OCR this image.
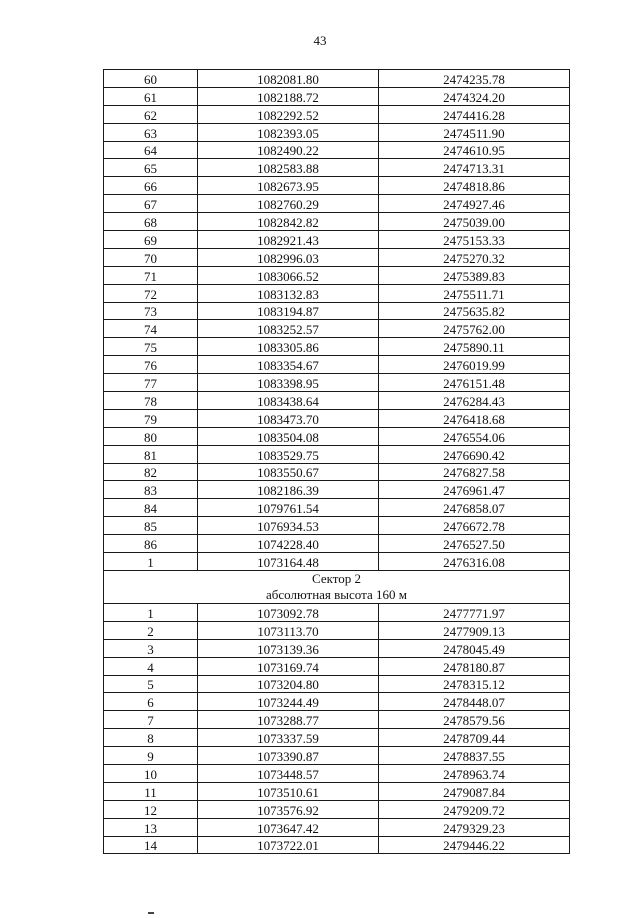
43
60	1082081.80	2474235.78
61	1082188.72	2474324.20
62	1082292.52	2474416.28
63	1082393.05	2474511.90
64	1082490.22	2474610.95
65	1082583.88	2474713.31
66	1082673.95	2474818.86
67	1082760.29	2474927.46
68	1082842.82	2475039.00
69	1082921.43	2475153.33
70	1082996.03	2475270.32
71	1083066.52	2475389.83
72	1083132.83	2475511.71
73	1083194.87	2475635.82
74	1083252.57	2475762.00
75	1083305.86	2475890.11
76	1083354.67	2476019.99
77	1083398.95	2476151.48
78	1083438.64	2476284.43
79	1083473.70	2476418.68
80	1083504.08	2476554.06
81	1083529.75	2476690.42
82	1083550.67	2476827.58
83	1082186.39	2476961.47
84	1079761.54	2476858.07
85	1076934.53	2476672.78
86	1074228.40	2476527.50
1	1073164.48	2476316.08

Сектор 2
абсолютная высота 160 м		

1	1073092.78	2477771.97
2	1073113.70	2477909.13
3	1073139.36	2478045.49
4	1073169.74	2478180.87
5	1073204.80	2478315.12
6	1073244.49	2478448.07
7	1073288.77	2478579.56
8	1073337.59	2478709.44
9	1073390.87	2478837.55
10	1073448.57	2478963.74
11	1073510.61	2479087.84
12	1073576.92	2479209.72
13	1073647.42	2479329.23
14	1073722.01	2479446.22
